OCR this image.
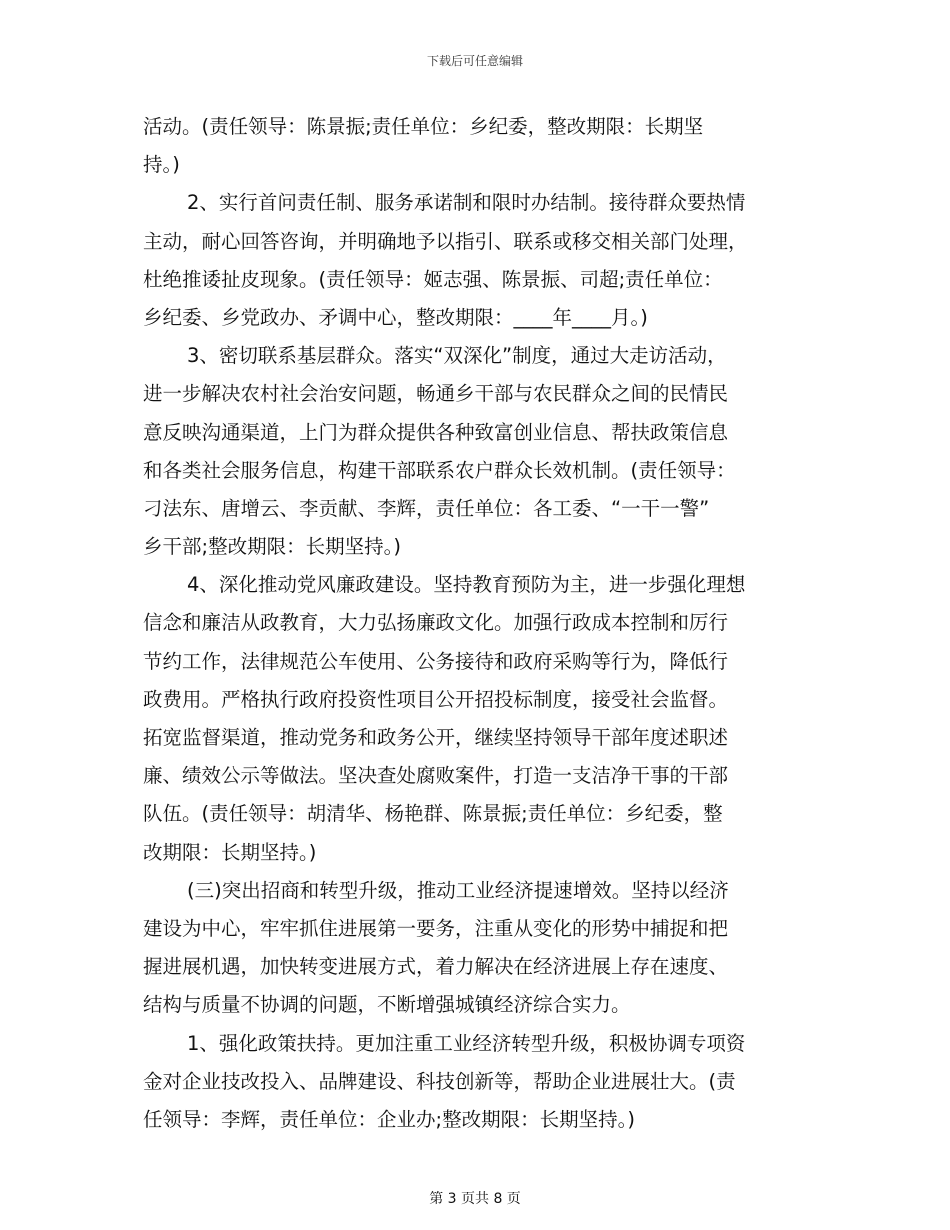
下载后可任意编辑
活动。(责任领导：陈景振;责任单位：乡纪委，整改期限：长期坚
持。)
2、实行首问责任制、服务承诺制和限时办结制。接待群众要热情
主动，耐心回答咨询，并明确地予以指引、联系或移交相关部门处理，
杜绝推诿扯皮现象。(责任领导：姬志强、陈景振、司超;责任单位：
乡纪委、乡党政办、矛调中心，整改期限：____年____月。)
3、密切联系基层群众。落实“双深化”制度，通过大走访活动，
进一步解决农村社会治安问题，畅通乡干部与农民群众之间的民情民
意反映沟通渠道，上门为群众提供各种致富创业信息、帮扶政策信息
和各类社会服务信息，构建干部联系农户群众长效机制。(责任领导：
刁法东、唐增云、李贡献、李辉，责任单位：各工委、“一干一警”
乡干部;整改期限：长期坚持。)
4、深化推动党风廉政建设。坚持教育预防为主，进一步强化理想
信念和廉洁从政教育，大力弘扬廉政文化。加强行政成本控制和厉行
节约工作，法律规范公车使用、公务接待和政府采购等行为，降低行
政费用。严格执行政府投资性项目公开招投标制度，接受社会监督。
拓宽监督渠道，推动党务和政务公开，继续坚持领导干部年度述职述
廉、绩效公示等做法。坚决查处腐败案件，打造一支洁净干事的干部
队伍。(责任领导：胡清华、杨艳群、陈景振;责任单位：乡纪委，整
改期限：长期坚持。)
(三)突出招商和转型升级，推动工业经济提速增效。坚持以经济
建设为中心，牢牢抓住进展第一要务，注重从变化的形势中捕捉和把
握进展机遇，加快转变进展方式，着力解决在经济进展上存在速度、
结构与质量不协调的问题，不断增强城镇经济综合实力。
1、强化政策扶持。更加注重工业经济转型升级，积极协调专项资
金对企业技改投入、品牌建设、科技创新等，帮助企业进展壮大。(责
任领导：李辉，责任单位：企业办;整改期限：长期坚持。)
第 3 页共 8 页
